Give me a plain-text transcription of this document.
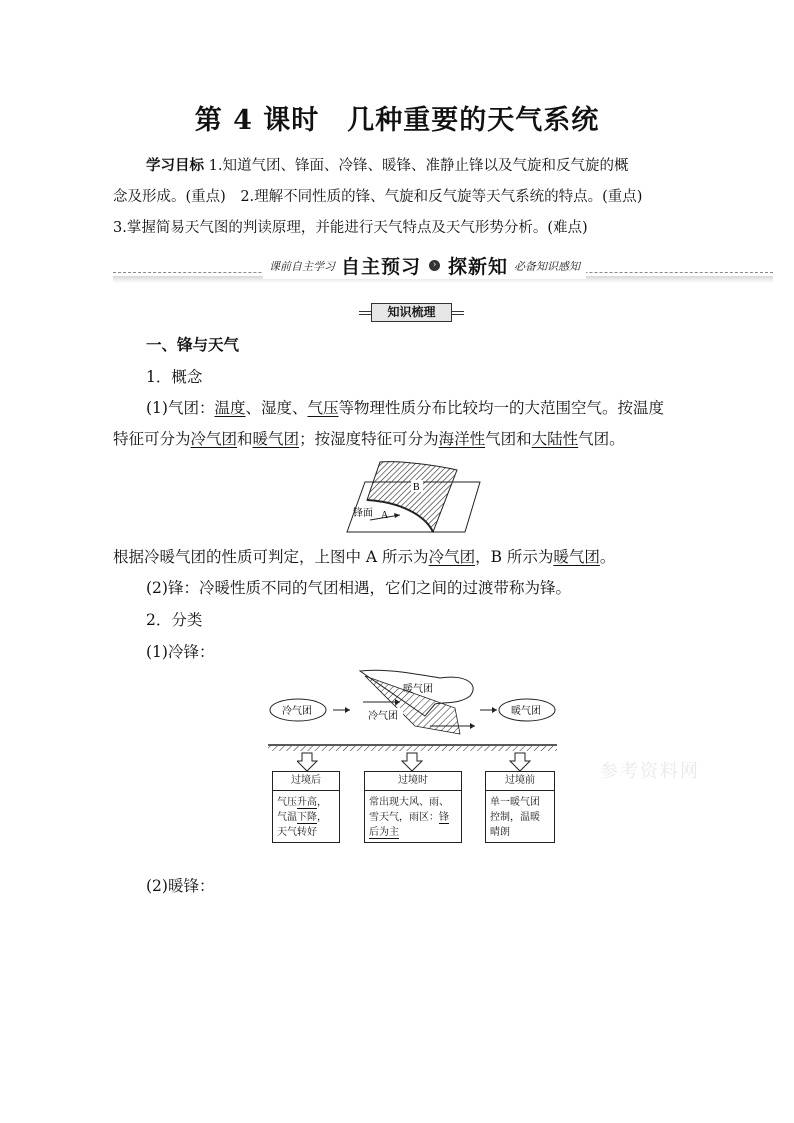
第 4 课时　几种重要的天气系统

学习目标 1.知道气团、锋面、冷锋、暖锋、准静止锋以及气旋和反气旋的概

念及形成。(重点)　2.理解不同性质的锋、气旋和反气旋等天气系统的特点。(重点)

3.掌握简易天气图的判读原理，并能进行天气特点及天气形势分析。(难点)

课前自主学习 自主预习	› 探新知 必备知识感知
知识梳理

一、锋与天气

1．概念

(1)气团：温度、湿度、气压等物理性质分布比较均一的大范围空气。按温度

特征可分为冷气团和暖气团；按湿度特征可分为海洋性气团和大陆性气团。

根据冷暖气团的性质可判定，上图中 A 所示为冷气团，B 所示为暖气团。

(2)锋：冷暖性质不同的气团相遇，它们之间的过渡带称为锋。

2．分类

(1)冷锋：

(2)暖锋：

B
A
锋面
冷气团
暖气团
冷气团	暖气团
过境后
气压升高，
气温下降，
天气转好
过境时
常出现大风、雨、
雪天气，雨区：锋
后为主
过境前
单一暖气团
控制，温暖
晴朗
参考资料网
